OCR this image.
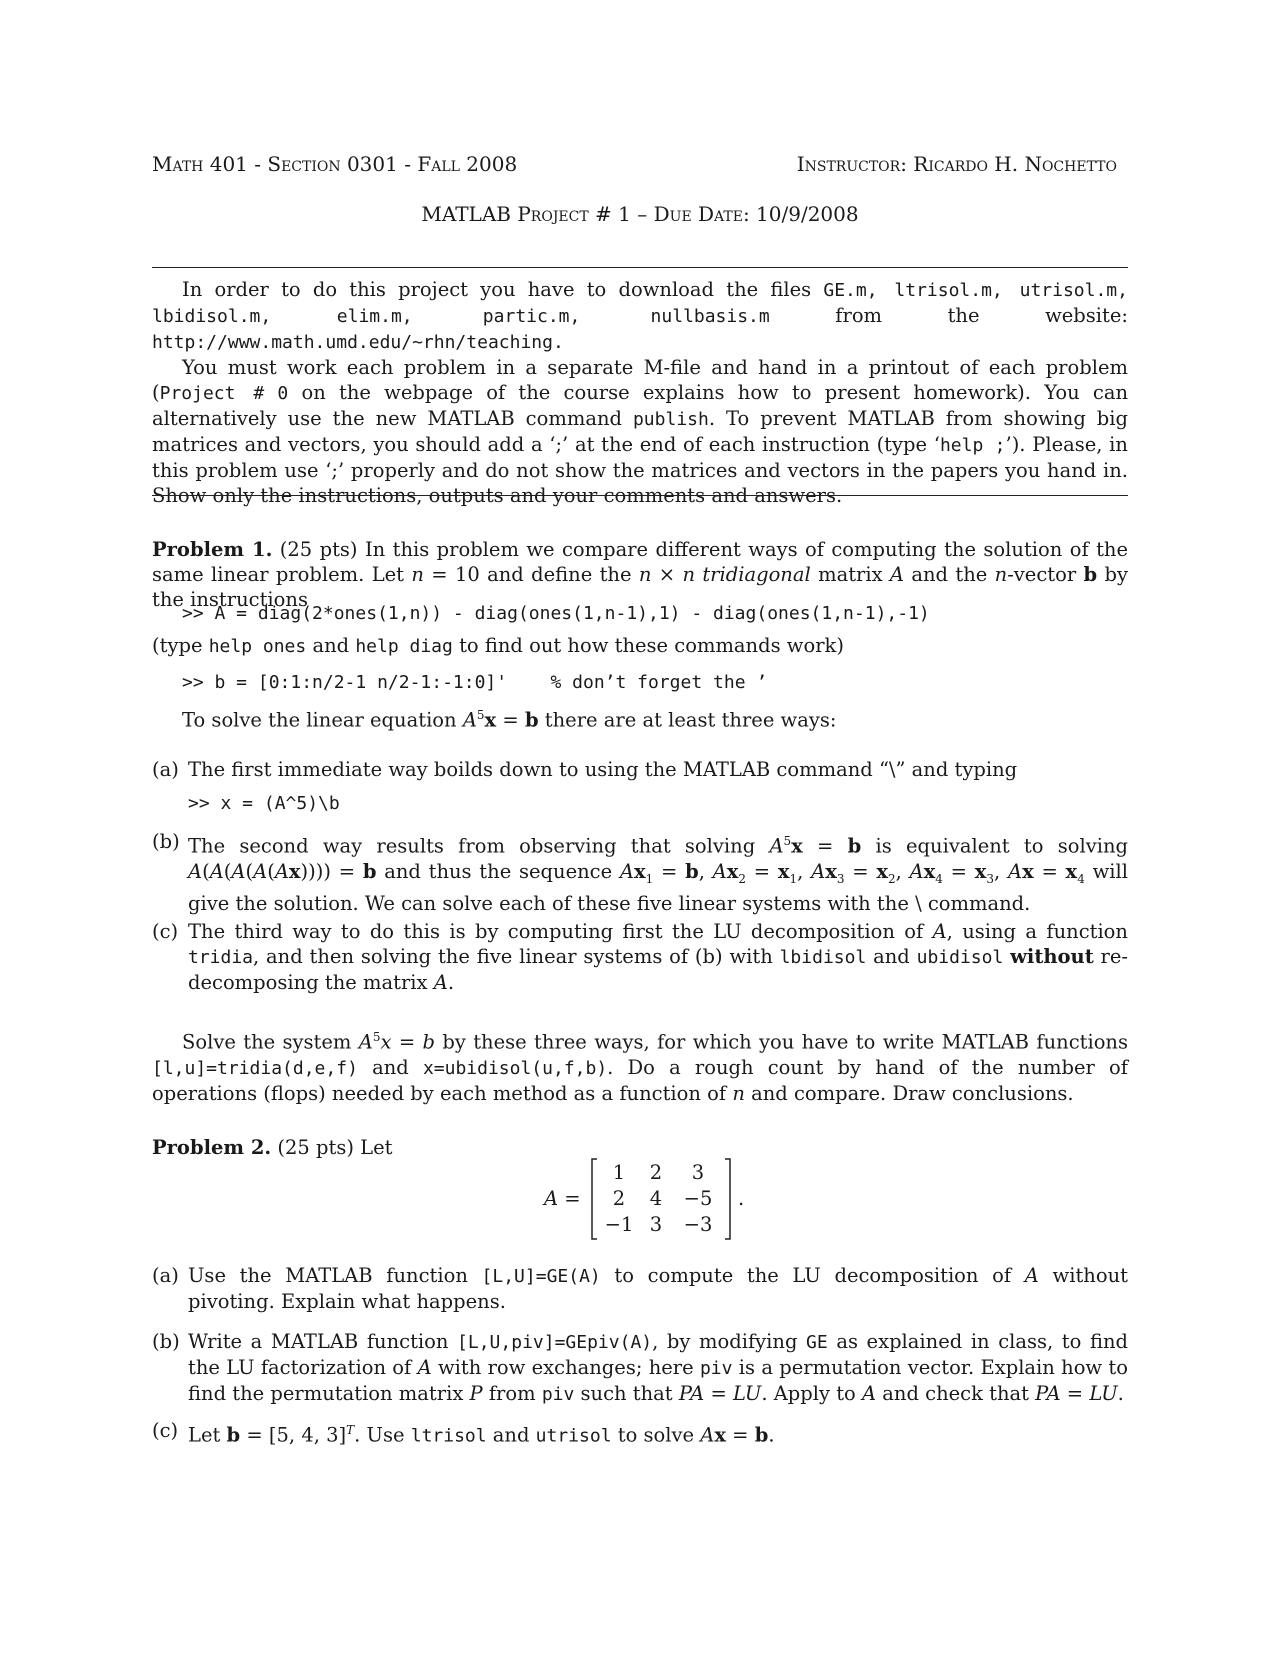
Math 401 - Section 0301 - Fall 2008	Instructor: Ricardo H. Nochetto
MATLAB Project # 1 – Due Date: 10/9/2008
In order to do this project you have to download the files GE.m, ltrisol.m, utrisol.m, lbidisol.m,	elim.m, partic.m, nullbasis.m from the website: http://www.math.umd.edu/~rhn/teaching.
You must work each problem in a separate M-file and hand in a printout of each problem (Project # 0 on the webpage of the course explains how to present homework). You can alternatively use the new MATLAB command publish. To prevent MATLAB from showing big matrices and vectors, you should add a ‘;’ at the end of each instruction (type ‘help ;’). Please, in this problem use ‘;’ properly and do not show the matrices and vectors in the papers you hand in. Show only the instructions, outputs and your comments and answers.
Problem 1. (25 pts) In this problem we compare different ways of computing the solution of the same linear problem. Let n = 10 and define the n × n tridiagonal matrix A and the n-vector b by the instructions
>> A = diag(2*ones(1,n)) - diag(ones(1,n-1),1) - diag(ones(1,n-1),-1)
(type help ones and help diag to find out how these commands work)
>> b = [0:1:n/2-1 n/2-1:-1:0]' % don’t forget the ’
To solve the linear equation $A^5x = b$ there are at least three ways:
(a) The first immediate way boilds down to using the MATLAB command “\” and typing
>> x = (A^5)\b
(b) The second way results from observing that solving $A^5x = b$ is equivalent to solving A(A(A(A(Ax)))) = b and thus the sequence $Ax_1 = b$, $Ax_2 = x_1$, $Ax_3 = x_2$, $Ax_4 = x_3$, $Ax = x_4$ will give the solution. We can solve each of these five linear systems with the \ command.
(c) The third way to do this is by computing first the LU decomposition of A, using a function tridia, and then solving the five linear systems of (b) with lbidisol and ubidisol without re-decomposing the matrix A.
Solve the system $A^5x = b$ by these three ways, for which you have to write MATLAB functions [l,u]=tridia(d,e,f) and x=ubidisol(u,f,b). Do a rough count by hand of the number of operations (flops) needed by each method as a function of n and compare. Draw conclusions.
Problem 2. (25 pts) Let
A =
1	2	3
2	4	−5
−1 3	−3
.
(a) Use the MATLAB function [L,U]=GE(A) to compute the LU decomposition of A without pivoting. Explain what happens.
(b) Write a MATLAB function [L,U,piv]=GEpiv(A), by modifying GE as explained in class, to find the LU factorization of A with row exchanges; here piv is a permutation vector. Explain how to find the permutation matrix P from piv such that PA = LU. Apply to A and check that PA = LU.
(c) Let b = [5, 4, 3]$^T$. Use ltrisol and utrisol to solve Ax = b.
